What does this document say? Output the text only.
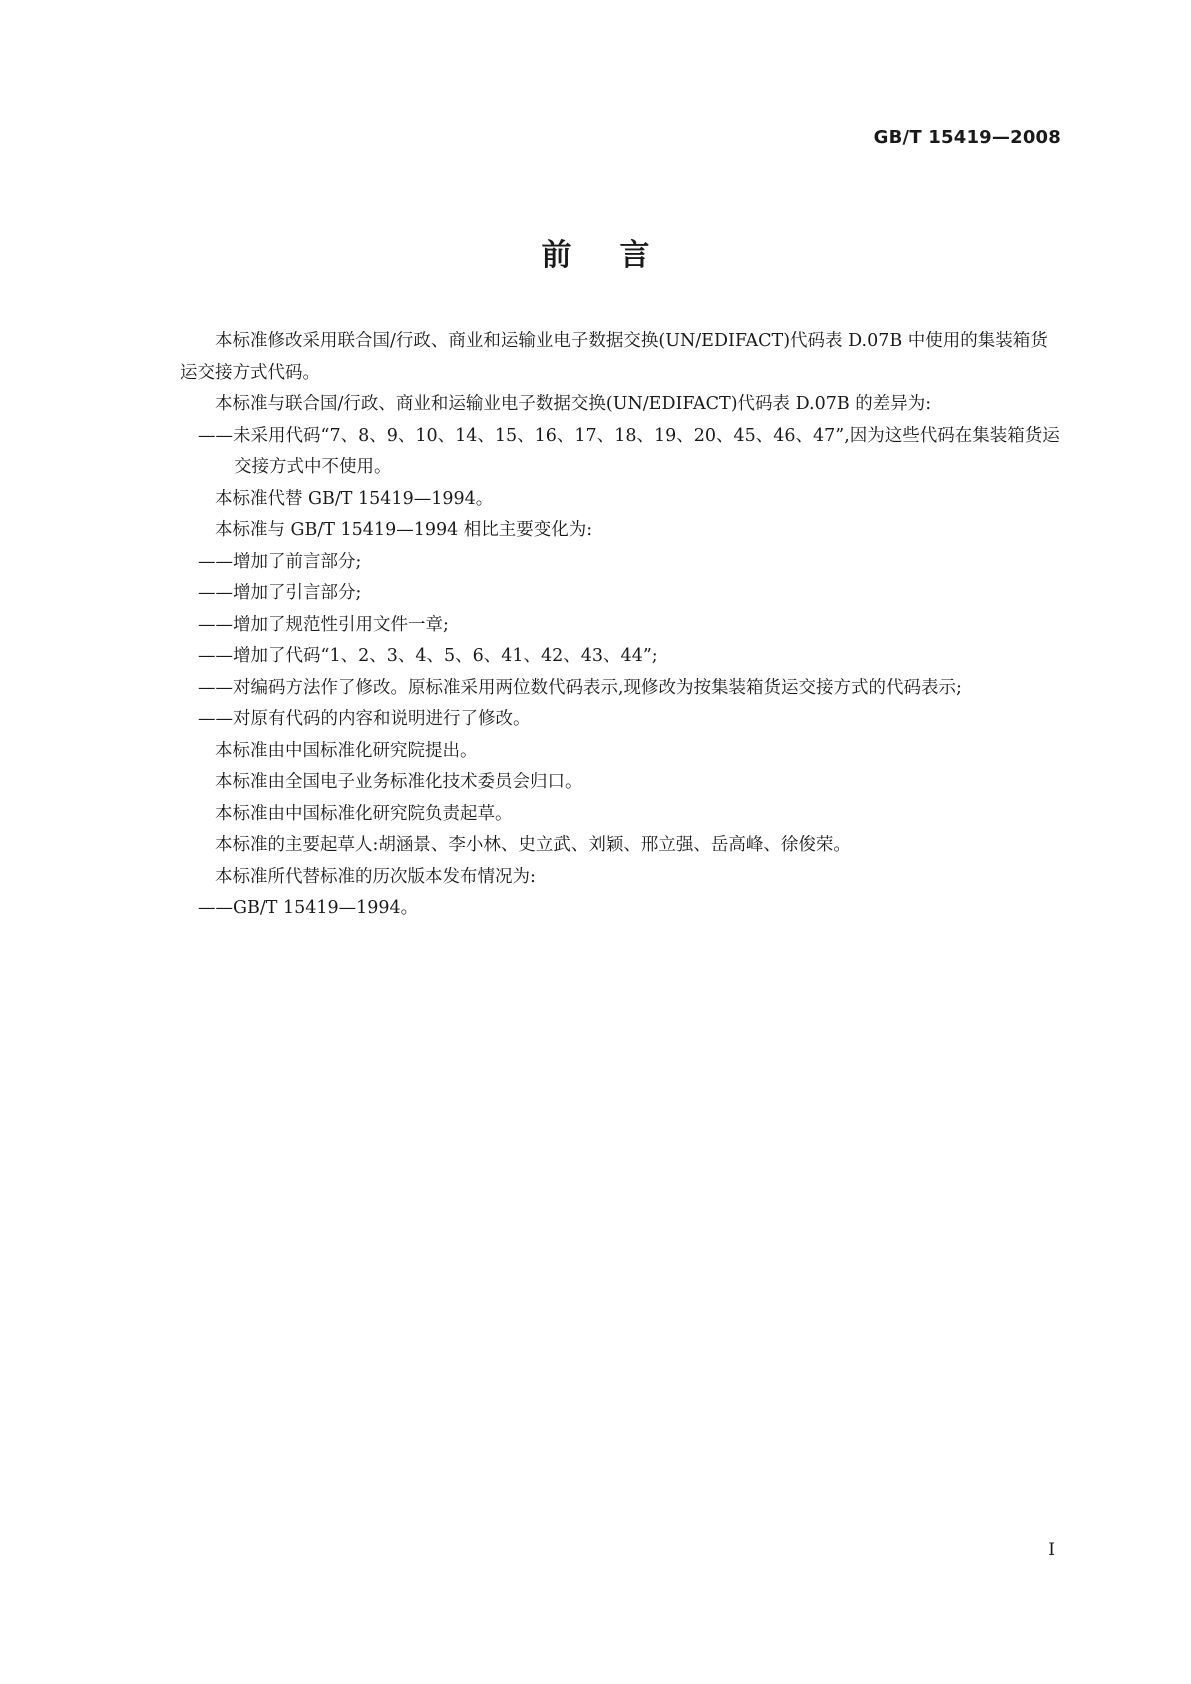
GB/T 15419—2008
前言

本标准修改采用联合国/行政、商业和运输业电子数据交换(UN/EDIFACT)代码表 D.07B 中使用的集装箱货运交接方式代码。

本标准与联合国/行政、商业和运输业电子数据交换(UN/EDIFACT)代码表 D.07B 的差异为:

——未采用代码“7、8、9、10、14、15、16、17、18、19、20、45、46、47”,因为这些代码在集装箱货运交接方式中不使用。

本标准代替 GB/T 15419—1994。

本标准与 GB/T 15419—1994 相比主要变化为:

——增加了前言部分;

——增加了引言部分;

——增加了规范性引用文件一章;

——增加了代码“1、2、3、4、5、6、41、42、43、44”;

——对编码方法作了修改。原标准采用两位数代码表示,现修改为按集装箱货运交接方式的代码表示;

——对原有代码的内容和说明进行了修改。

本标准由中国标准化研究院提出。

本标准由全国电子业务标准化技术委员会归口。

本标准由中国标准化研究院负责起草。

本标准的主要起草人:胡涵景、李小林、史立武、刘颖、邢立强、岳高峰、徐俊荣。

本标准所代替标准的历次版本发布情况为:

——GB/T 15419—1994。

I
